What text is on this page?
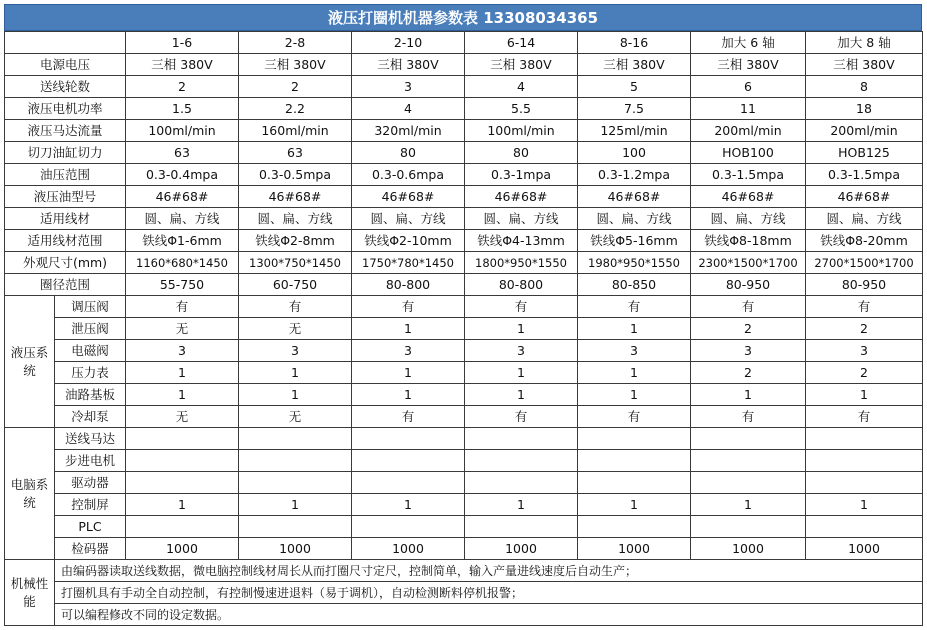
液压打圈机机器参数表 13308034365
		1-6	2-8	2-10	6-14	8-16	加大 6 轴	加大 8 轴
电源电压		三相 380V	三相 380V	三相 380V	三相 380V	三相 380V	三相 380V	三相 380V
送线轮数		2	2	3	4	5	6	8
液压电机功率		1.5	2.2	4	5.5	7.5	11	18
液压马达流量		100ml/min	160ml/min	320ml/min	100ml/min	125ml/min	200ml/min	200ml/min
切刀油缸切力		63	63	80	80	100	HOB100	HOB125
油压范围		0.3-0.4mpa	0.3-0.5mpa	0.3-0.6mpa	0.3-1mpa	0.3-1.2mpa	0.3-1.5mpa	0.3-1.5mpa
液压油型号		46#68#	46#68#	46#68#	46#68#	46#68#	46#68#	46#68#
适用线材		圆、扁、方线	圆、扁、方线	圆、扁、方线	圆、扁、方线	圆、扁、方线	圆、扁、方线	圆、扁、方线
适用线材范围		铁线Φ1-6mm	铁线Φ2-8mm	铁线Φ2-10mm	铁线Φ4-13mm	铁线Φ5-16mm	铁线Φ8-18mm	铁线Φ8-20mm
外观尺寸(mm)		1160*680*1450	1300*750*1450	1750*780*1450	1800*950*1550	1980*950*1550	2300*1500*1700	2700*1500*1700
圈径范围		55-750	60-750	80-800	80-800	80-850	80-950	80-950
液压系统	调压阀	有	有	有	有	有	有	有
	泄压阀	无	无	1	1	1	2	2
	电磁阀	3	3	3	3	3	3	3
	压力表	1	1	1	1	1	2	2
	油路基板	1	1	1	1	1	1	1
	冷却泵	无	无	有	有	有	有	有
电脑系统	送线马达							
	步进电机							
	驱动器							
	控制屏	1	1	1	1	1	1	1
	PLC							
	检码器	1000	1000	1000	1000	1000	1000	1000
机械性能	由编码器读取送线数据，微电脑控制线材周长从而打圈尺寸定尺，控制简单，输入产量进线速度后自动生产；							
	打圈机具有手动全自动控制，有控制慢速进退料（易于调机），自动检测断料停机报警；							
	可以编程修改不同的设定数据。							
